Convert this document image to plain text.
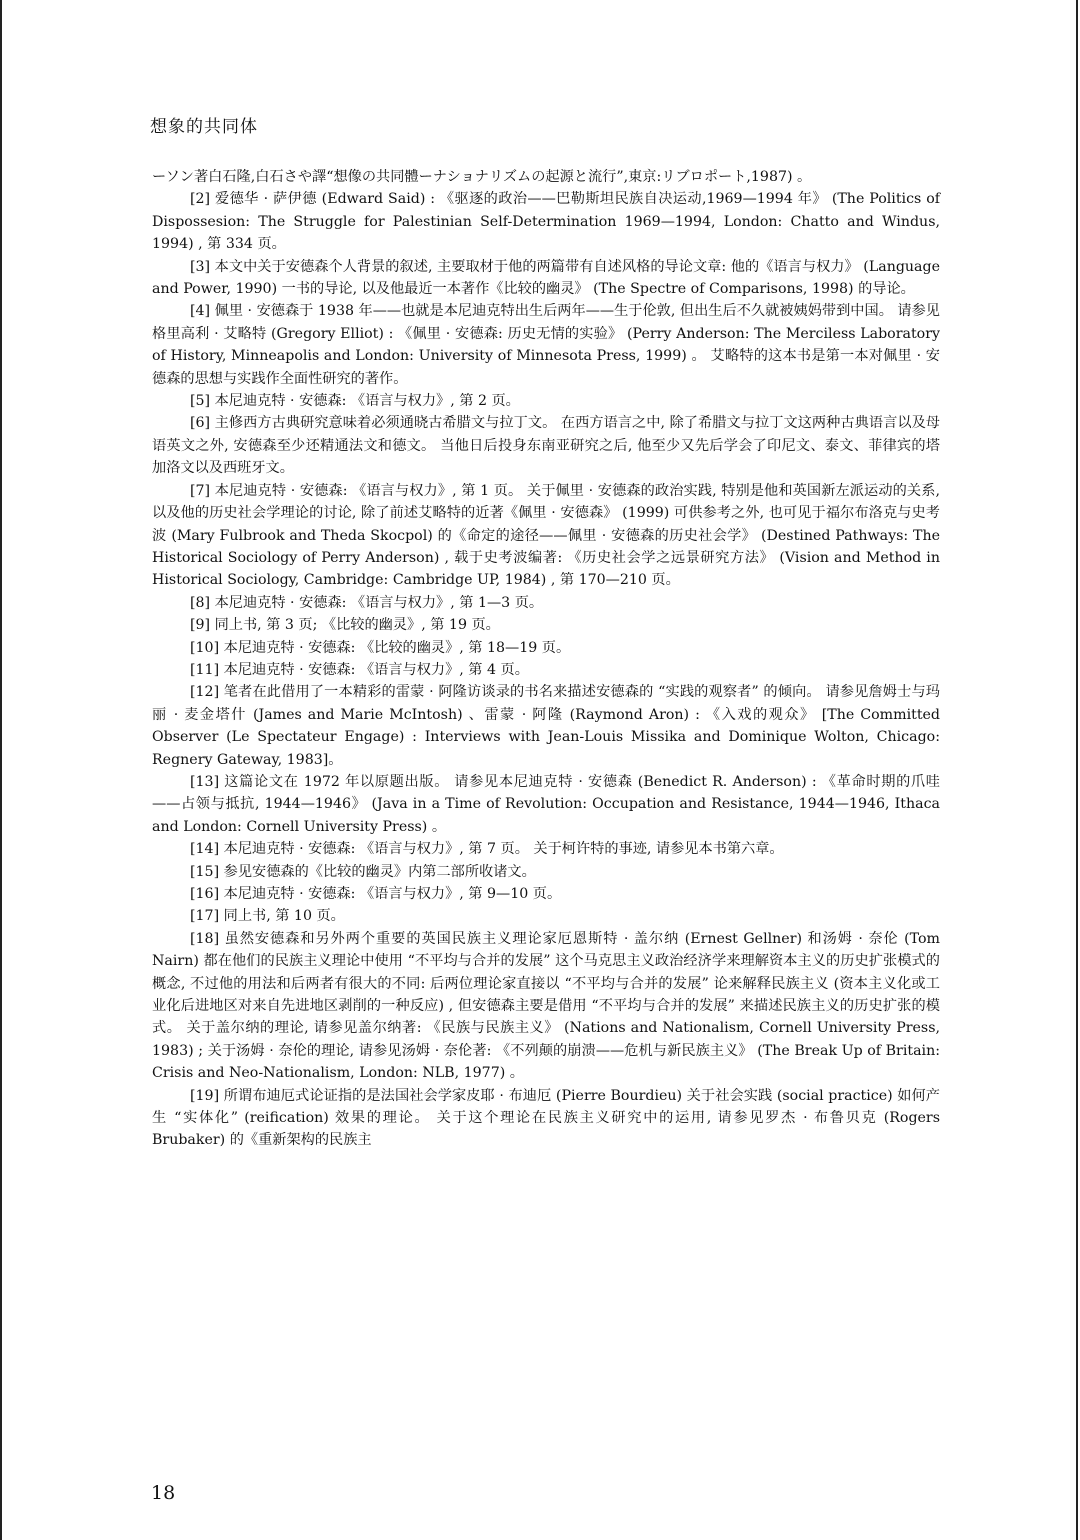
想象的共同体

ーソン著白石隆,白石さや譯“想像の共同體ーナショナリズムの起源と流行”,東京:リブロポート,1987) 。

[2] 爱德华 · 萨伊德 (Edward Said) : 《驱逐的政治——巴勒斯坦民族自决运动,1969—1994 年》 (The Politics of Dispossesion: The Struggle for Palestinian Self-Determination 1969—1994, London: Chatto and Windus, 1994) , 第 334 页。

[3] 本文中关于安德森个人背景的叙述, 主要取材于他的两篇带有自述风格的导论文章: 他的《语言与权力》 (Language and Power, 1990) 一书的导论, 以及他最近一本著作《比较的幽灵》 (The Spectre of Comparisons, 1998) 的导论。

[4] 佩里 · 安德森于 1938 年——也就是本尼迪克特出生后两年——生于伦敦, 但出生后不久就被姨妈带到中国。 请参见格里高利 · 艾略特 (Gregory Elliot) : 《佩里 · 安德森: 历史无情的实验》 (Perry Anderson: The Merciless Laboratory of History, Minneapolis and London: University of Minnesota Press, 1999) 。 艾略特的这本书是第一本对佩里 · 安德森的思想与实践作全面性研究的著作。

[5] 本尼迪克特 · 安德森: 《语言与权力》, 第 2 页。

[6] 主修西方古典研究意味着必须通晓古希腊文与拉丁文。 在西方语言之中, 除了希腊文与拉丁文这两种古典语言以及母语英文之外, 安德森至少还精通法文和德文。 当他日后投身东南亚研究之后, 他至少又先后学会了印尼文、泰文、菲律宾的塔加洛文以及西班牙文。

[7] 本尼迪克特 · 安德森: 《语言与权力》, 第 1 页。 关于佩里 · 安德森的政治实践, 特别是他和英国新左派运动的关系, 以及他的历史社会学理论的讨论, 除了前述艾略特的近著《佩里 · 安德森》 (1999) 可供参考之外, 也可见于福尔布洛克与史考波 (Mary Fulbrook and Theda Skocpol) 的《命定的途径——佩里 · 安德森的历史社会学》 (Destined Pathways: The Historical Sociology of Perry Anderson) , 载于史考波编著: 《历史社会学之远景研究方法》 (Vision and Method in Historical Sociology, Cambridge: Cambridge UP, 1984) , 第 170—210 页。

[8] 本尼迪克特 · 安德森: 《语言与权力》, 第 1—3 页。

[9] 同上书, 第 3 页; 《比较的幽灵》, 第 19 页。

[10] 本尼迪克特 · 安德森: 《比较的幽灵》, 第 18—19 页。

[11] 本尼迪克特 · 安德森: 《语言与权力》, 第 4 页。

[12] 笔者在此借用了一本精彩的雷蒙 · 阿隆访谈录的书名来描述安德森的 “实践的观察者” 的倾向。 请参见詹姆士与玛丽 · 麦金塔什 (James and Marie McIntosh) 、雷蒙 · 阿隆 (Raymond Aron) : 《入戏的观众》 [The Committed Observer (Le Spectateur Engage) : Interviews with Jean-Louis Missika and Dominique Wolton, Chicago: Regnery Gateway, 1983]。

[13] 这篇论文在 1972 年以原题出版。 请参见本尼迪克特 · 安德森 (Benedict R. Anderson) : 《革命时期的爪哇——占领与抵抗, 1944—1946》 (Java in a Time of Revolution: Occupation and Resistance, 1944—1946, Ithaca and London: Cornell University Press) 。

[14] 本尼迪克特 · 安德森: 《语言与权力》, 第 7 页。 关于柯许特的事迹, 请参见本书第六章。

[15] 参见安德森的《比较的幽灵》内第二部所收诸文。

[16] 本尼迪克特 · 安德森: 《语言与权力》, 第 9—10 页。

[17] 同上书, 第 10 页。

[18] 虽然安德森和另外两个重要的英国民族主义理论家厄恩斯特 · 盖尔纳 (Ernest Gellner) 和汤姆 · 奈伦 (Tom Nairn) 都在他们的民族主义理论中使用 “不平均与合并的发展” 这个马克思主义政治经济学来理解资本主义的历史扩张模式的概念, 不过他的用法和后两者有很大的不同: 后两位理论家直接以 “不平均与合并的发展” 论来解释民族主义 (资本主义化或工业化后进地区对来自先进地区剥削的一种反应) , 但安德森主要是借用 “不平均与合并的发展” 来描述民族主义的历史扩张的模式。 关于盖尔纳的理论, 请参见盖尔纳著: 《民族与民族主义》 (Nations and Nationalism, Cornell University Press, 1983) ; 关于汤姆 · 奈伦的理论, 请参见汤姆 · 奈伦著: 《不列颠的崩溃——危机与新民族主义》 (The Break Up of Britain: Crisis and Neo-Nationalism, London: NLB, 1977) 。

[19] 所谓布迪厄式论证指的是法国社会学家皮耶 · 布迪厄 (Pierre Bourdieu) 关于社会实践 (social practice) 如何产生 “实体化” (reification) 效果的理论。 关于这个理论在民族主义研究中的运用, 请参见罗杰 · 布鲁贝克 (Rogers Brubaker) 的《重新架构的民族主

18
